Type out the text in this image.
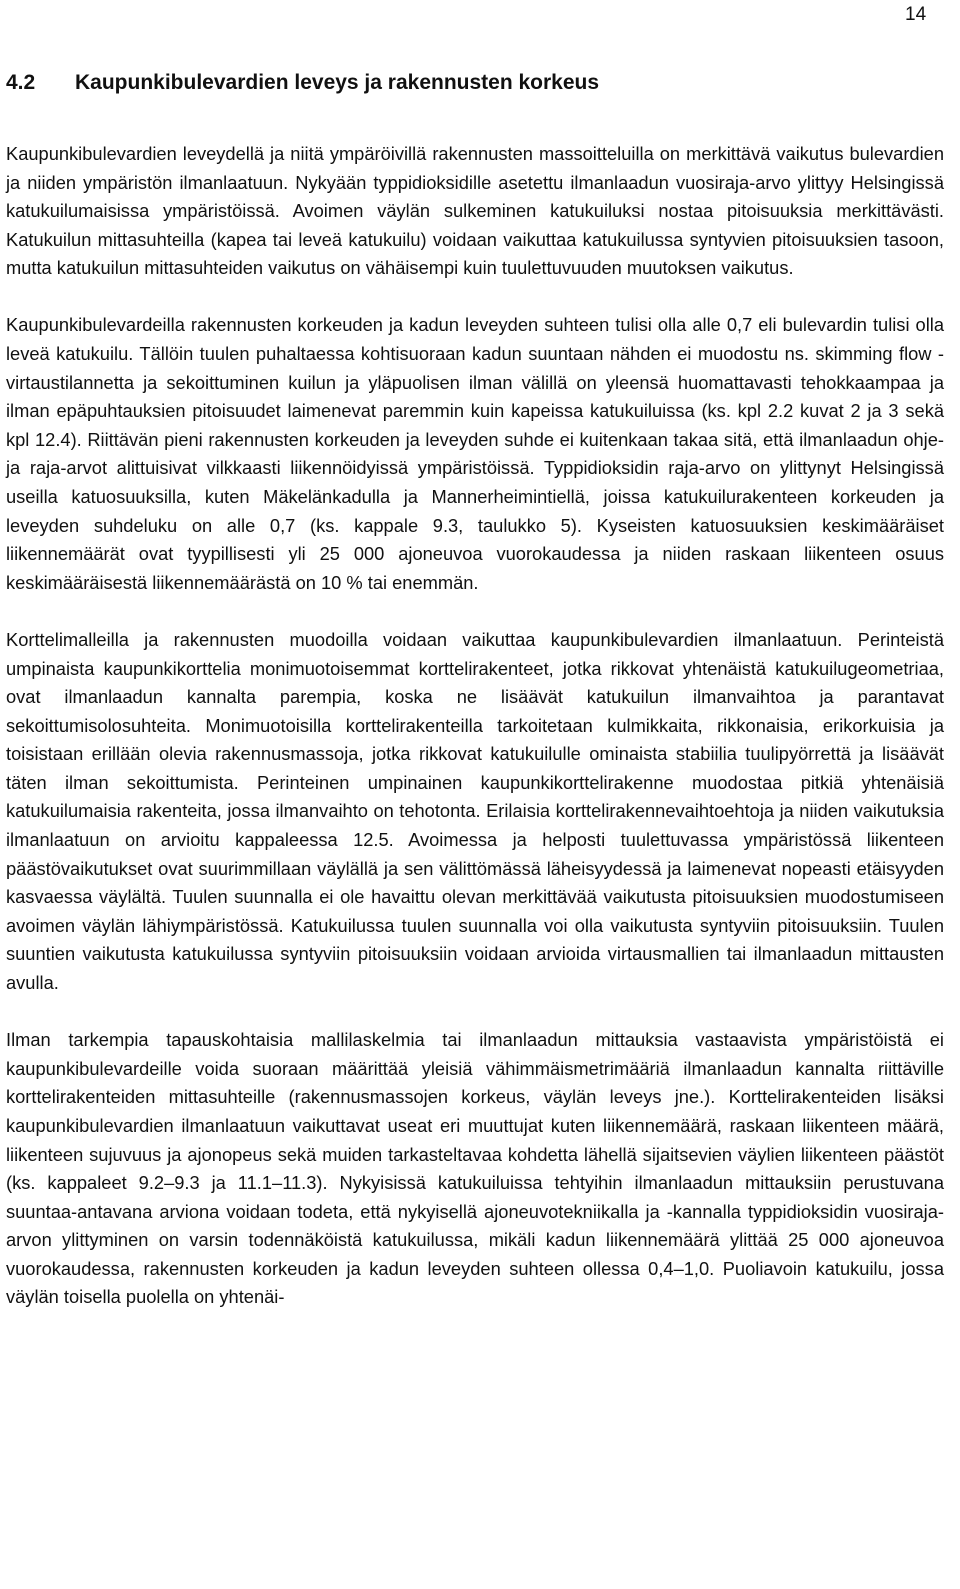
14
4.2 Kaupunkibulevardien leveys ja rakennusten korkeus

Kaupunkibulevardien leveydellä ja niitä ympäröivillä rakennusten massoitteluilla on merkittävä vaikutus bulevardien ja niiden ympäristön ilmanlaatuun. Nykyään typpidioksidille asetettu ilmanlaadun vuosiraja-arvo ylittyy Helsingissä katukuilumaisissa ympäristöissä. Avoimen väylän sulkeminen katukuiluksi nostaa pitoisuuksia merkittävästi. Katukuilun mittasuhteilla (kapea tai leveä katukuilu) voidaan vaikuttaa katukuilussa syntyvien pitoisuuksien tasoon, mutta katukuilun mittasuhteiden vaikutus on vähäisempi kuin tuulettuvuuden muutoksen vaikutus.

Kaupunkibulevardeilla rakennusten korkeuden ja kadun leveyden suhteen tulisi olla alle 0,7 eli bulevardin tulisi olla leveä katukuilu. Tällöin tuulen puhaltaessa kohtisuoraan kadun suuntaan nähden ei muodostu ns. skimming flow -virtaustilannetta ja sekoittuminen kuilun ja yläpuolisen ilman välillä on yleensä huomattavasti tehokkaampaa ja ilman epäpuhtauksien pitoisuudet laimenevat paremmin kuin kapeissa katukuiluissa (ks. kpl 2.2 kuvat 2 ja 3 sekä kpl 12.4). Riittävän pieni rakennusten korkeuden ja leveyden suhde ei kuitenkaan takaa sitä, että ilmanlaadun ohje- ja raja-arvot alittuisivat vilkkaasti liikennöidyissä ympäristöissä. Typpidioksidin raja-arvo on ylittynyt Helsingissä useilla katuosuuksilla, kuten Mäkelänkadulla ja Mannerheimintiellä, joissa katukuilurakenteen korkeuden ja leveyden suhdeluku on alle 0,7 (ks. kappale 9.3, taulukko 5). Kyseisten katuosuuksien keskimääräiset liikennemäärät ovat tyypillisesti yli 25 000 ajoneuvoa vuorokaudessa ja niiden raskaan liikenteen osuus keskimääräisestä liikennemäärästä on 10 % tai enemmän.

Korttelimalleilla ja rakennusten muodoilla voidaan vaikuttaa kaupunkibulevardien ilmanlaatuun. Perinteistä umpinaista kaupunkikorttelia monimuotoisemmat korttelirakenteet, jotka rikkovat yhtenäistä katukuilugeometriaa, ovat ilmanlaadun kannalta parempia, koska ne lisäävät katukuilun ilmanvaihtoa ja parantavat sekoittumisolosuhteita. Monimuotoisilla korttelirakenteilla tarkoitetaan kulmikkaita, rikkonaisia, erikorkuisia ja toisistaan erillään olevia rakennusmassoja, jotka rikkovat katukuilulle ominaista stabiilia tuulipyörrettä ja lisäävät täten ilman sekoittumista. Perinteinen umpinainen kaupunkikorttelirakenne muodostaa pitkiä yhtenäisiä katukuilumaisia rakenteita, jossa ilmanvaihto on tehotonta. Erilaisia korttelirakennevaihtoehtoja ja niiden vaikutuksia ilmanlaatuun on arvioitu kappaleessa 12.5. Avoimessa ja helposti tuulettuvassa ympäristössä liikenteen päästövaikutukset ovat suurimmillaan väylällä ja sen välittömässä läheisyydessä ja laimenevat nopeasti etäisyyden kasvaessa väylältä. Tuulen suunnalla ei ole havaittu olevan merkittävää vaikutusta pitoisuuksien muodostumiseen avoimen väylän lähiympäristössä. Katukuilussa tuulen suunnalla voi olla vaikutusta syntyviin pitoisuuksiin. Tuulen suuntien vaikutusta katukuilussa syntyviin pitoisuuksiin voidaan arvioida virtausmallien tai ilmanlaadun mittausten avulla.

Ilman tarkempia tapauskohtaisia mallilaskelmia tai ilmanlaadun mittauksia vastaavista ympäristöistä ei kaupunkibulevardeille voida suoraan määrittää yleisiä vähimmäismetrimääriä ilmanlaadun kannalta riittäville korttelirakenteiden mittasuhteille (rakennusmassojen korkeus, väylän leveys jne.). Korttelirakenteiden lisäksi kaupunkibulevardien ilmanlaatuun vaikuttavat useat eri muuttujat kuten liikennemäärä, raskaan liikenteen määrä, liikenteen sujuvuus ja ajonopeus sekä muiden tarkasteltavaa kohdetta lähellä sijaitsevien väylien liikenteen päästöt (ks. kappaleet 9.2–9.3 ja 11.1–11.3). Nykyisissä katukuiluissa tehtyihin ilmanlaadun mittauksiin perustuvana suuntaa-antavana arviona voidaan todeta, että nykyisellä ajoneuvotekniikalla ja -kannalla typpidioksidin vuosiraja-arvon ylittyminen on varsin todennäköistä katukuilussa, mikäli kadun liikennemäärä ylittää 25 000 ajoneuvoa vuorokaudessa, rakennusten korkeuden ja kadun leveyden suhteen ollessa 0,4–1,0. Puoliavoin katukuilu, jossa väylän toisella puolella on yhtenäi-
